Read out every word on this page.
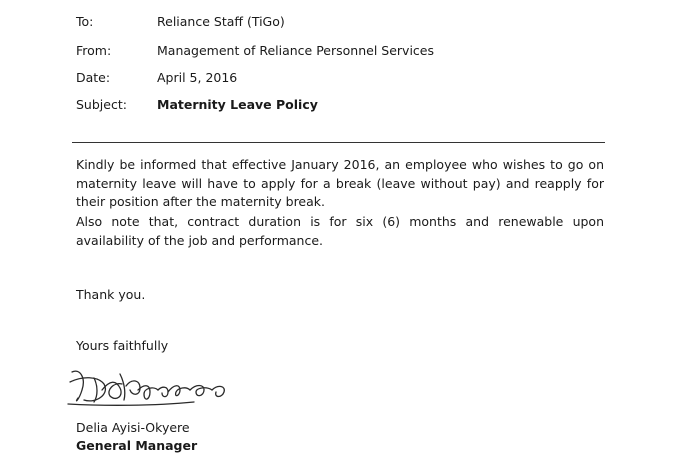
To:	Reliance Staff (TiGo)
From:	Management of Reliance Personnel Services
Date:	April 5, 2016
Subject: Maternity Leave Policy

Kindly be informed that effective January 2016, an employee who wishes to go on maternity leave will have to apply for a break (leave without pay) and reapply for their position after the maternity break.

Also note that, contract duration is for six (6) months and renewable upon availability of the job and performance.

Thank you.
Yours faithfully
Delia Ayisi-Okyere
General Manager
